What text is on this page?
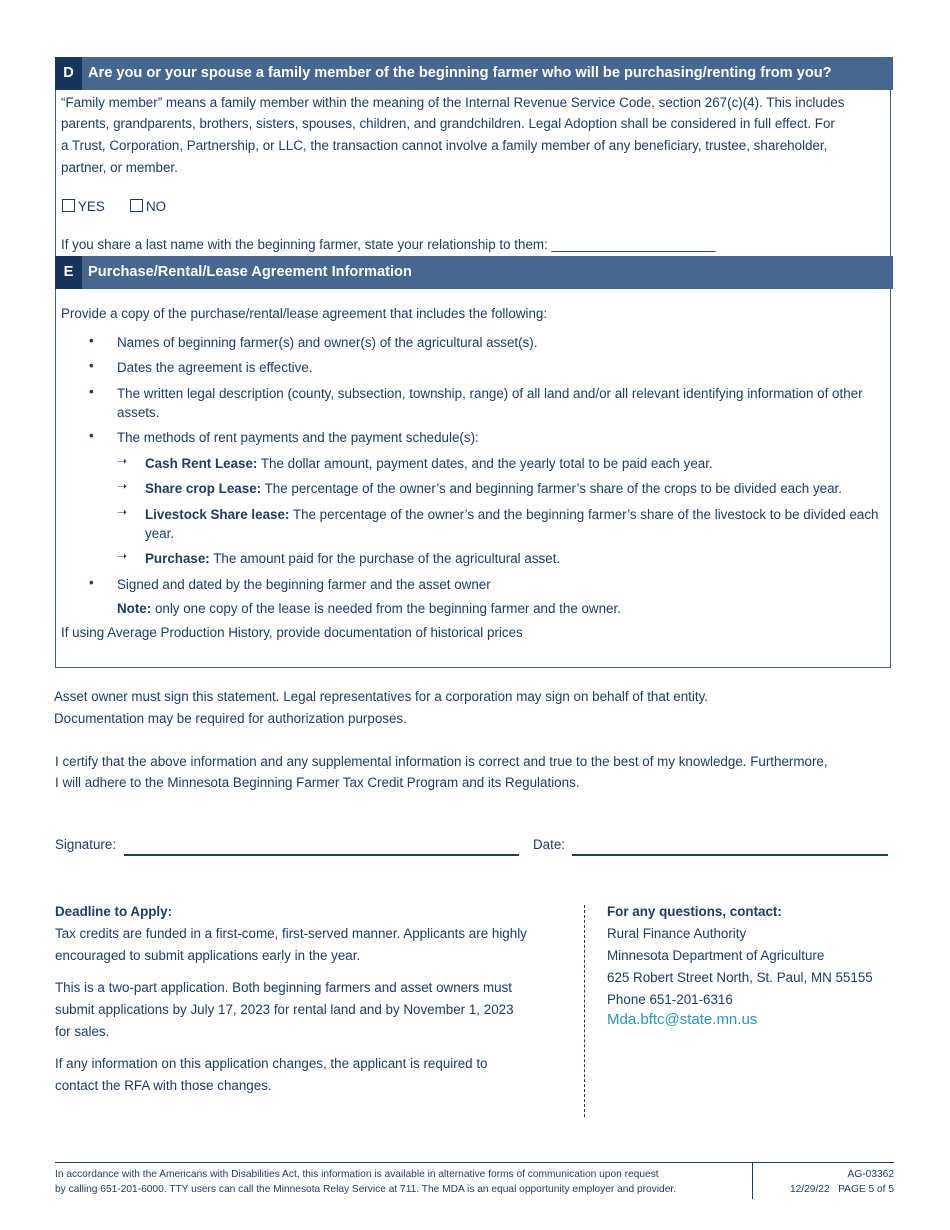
D Are you or your spouse a family member of the beginning farmer who will be purchasing/renting from you?
“Family member” means a family member within the meaning of the Internal Revenue Service Code, section 267(c)(4). This includes
parents, grandparents, brothers, sisters, spouses, children, and grandchildren. Legal Adoption shall be considered in full effect. For
a Trust, Corporation, Partnership, or LLC, the transaction cannot involve a family member of any beneficiary, trustee, shareholder,
partner, or member.
YES	NO
If you share a last name with the beginning farmer, state your relationship to them: ______________________
E	Purchase/Rental/Lease Agreement Information
Provide a copy of the purchase/rental/lease agreement that includes the following:
• Names of beginning farmer(s) and owner(s) of the agricultural asset(s).
• Dates the agreement is effective.
• The written legal description (county, subsection, township, range) of all land and/or all relevant identifying information of other assets.
• The methods of rent payments and the payment schedule(s):
➝ Cash Rent Lease: The dollar amount, payment dates, and the yearly total to be paid each year.
➝ Share crop Lease: The percentage of the owner’s and beginning farmer’s share of the crops to be divided each year.
➝ Livestock Share lease: The percentage of the owner’s and the beginning farmer’s share of the livestock to be divided each year.
➝ Purchase: The amount paid for the purchase of the agricultural asset.
• Signed and dated by the beginning farmer and the asset owner
Note: only one copy of the lease is needed from the beginning farmer and the owner.
If using Average Production History, provide documentation of historical prices
Asset owner must sign this statement. Legal representatives for a corporation may sign on behalf of that entity.
Documentation may be required for authorization purposes.
I certify that the above information and any supplemental information is correct and true to the best of my knowledge. Furthermore,
I will adhere to the Minnesota Beginning Farmer Tax Credit Program and its Regulations.
Signature:	Date:
Deadline to Apply:
Tax credits are funded in a first-come, first-served manner. Applicants are highly
encouraged to submit applications early in the year.
This is a two-part application. Both beginning farmers and asset owners must
submit applications by July 17, 2023 for rental land and by November 1, 2023
for sales.
If any information on this application changes, the applicant is required to
contact the RFA with those changes.
For any questions, contact:
Rural Finance Authority
Minnesota Department of Agriculture
625 Robert Street North, St. Paul, MN 55155
Phone 651-201-6316
Mda.bftc@state.mn.us
In accordance with the Americans with Disabilities Act, this information is available in alternative forms of communication upon request
by calling 651-201-6000. TTY users can call the Minnesota Relay Service at 711. The MDA is an equal opportunity employer and provider.
AG-03362
12/29/22 PAGE 5 of 5
